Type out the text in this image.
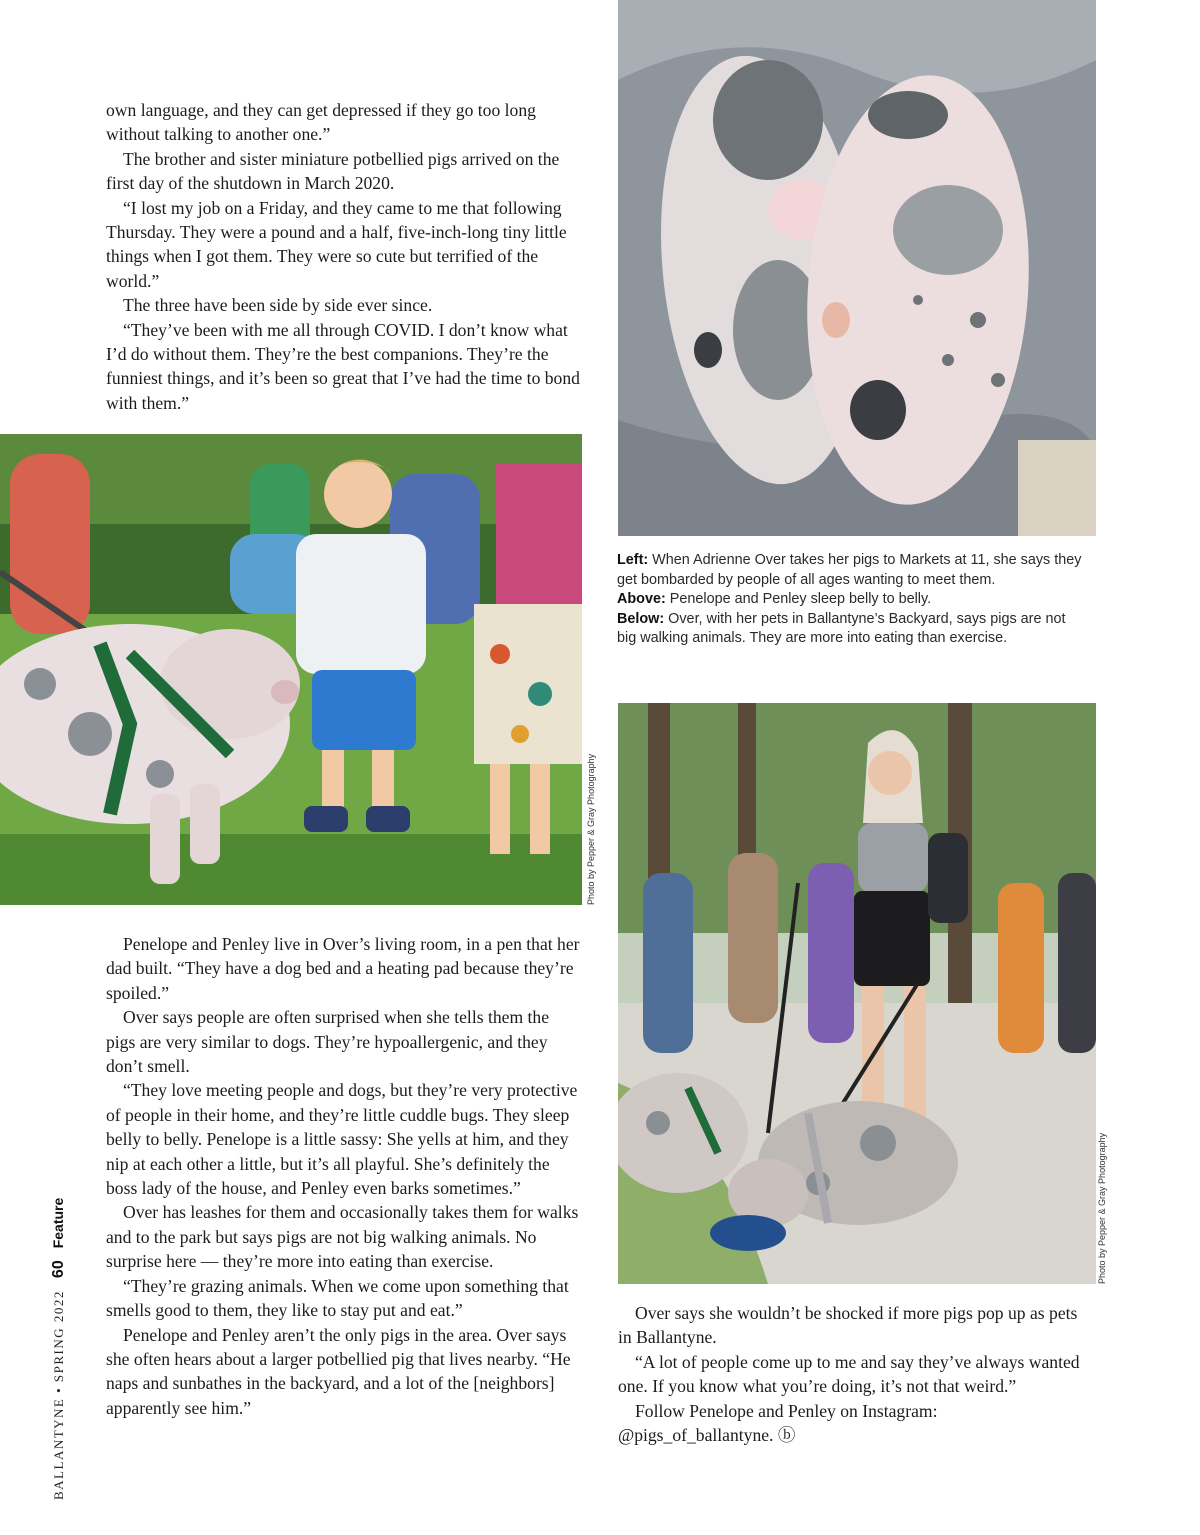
own language, and they can get depressed if they go too long without talking to another one.”

The brother and sister miniature potbellied pigs arrived on the first day of the shutdown in March 2020.

“I lost my job on a Friday, and they came to me that following Thursday. They were a pound and a half, five-inch-long tiny little things when I got them. They were so cute but terrified of the world.”

The three have been side by side ever since.

“They’ve been with me all through COVID. I don’t know what I’d do without them. They’re the best companions. They’re the funniest things, and it’s been so great that I’ve had the time to bond with them.”

Photo by Pepper & Gray Photography

Penelope and Penley live in Over’s living room, in a pen that her dad built. “They have a dog bed and a heating pad because they’re spoiled.”

Over says people are often surprised when she tells them the pigs are very similar to dogs. They’re hypoallergenic, and they don’t smell.

“They love meeting people and dogs, but they’re very protective of people in their home, and they’re little cuddle bugs. They sleep belly to belly. Penelope is a little sassy: She yells at him, and they nip at each other a little, but it’s all playful. She’s definitely the boss lady of the house, and Penley even barks sometimes.”

Over has leashes for them and occasionally takes them for walks and to the park but says pigs are not big walking animals. No surprise here — they’re more into eating than exercise.

“They’re grazing animals. When we come upon something that smells good to them, they like to stay put and eat.”

Penelope and Penley aren’t the only pigs in the area. Over says she often hears about a larger potbellied pig that lives nearby. “He naps and sunbathes in the backyard, and a lot of the [neighbors] apparently see him.”

Left: When Adrienne Over takes her pigs to Markets at 11, she says they get bombarded by people of all ages wanting to meet them.

Above: Penelope and Penley sleep belly to belly.

Below: Over, with her pets in Ballantyne’s Backyard, says pigs are not big walking animals. They are more into eating than exercise.

Photo by Pepper & Gray Photography

Over says she wouldn’t be shocked if more pigs pop up as pets in Ballantyne.

“A lot of people come up to me and say they’ve always wanted one. If you know what you’re doing, it’s not that weird.”

Follow Penelope and Penley on Instagram: @pigs_of_ballantyne. ⓑ

BALLANTYNE • SPRING 2022
60
Feature
